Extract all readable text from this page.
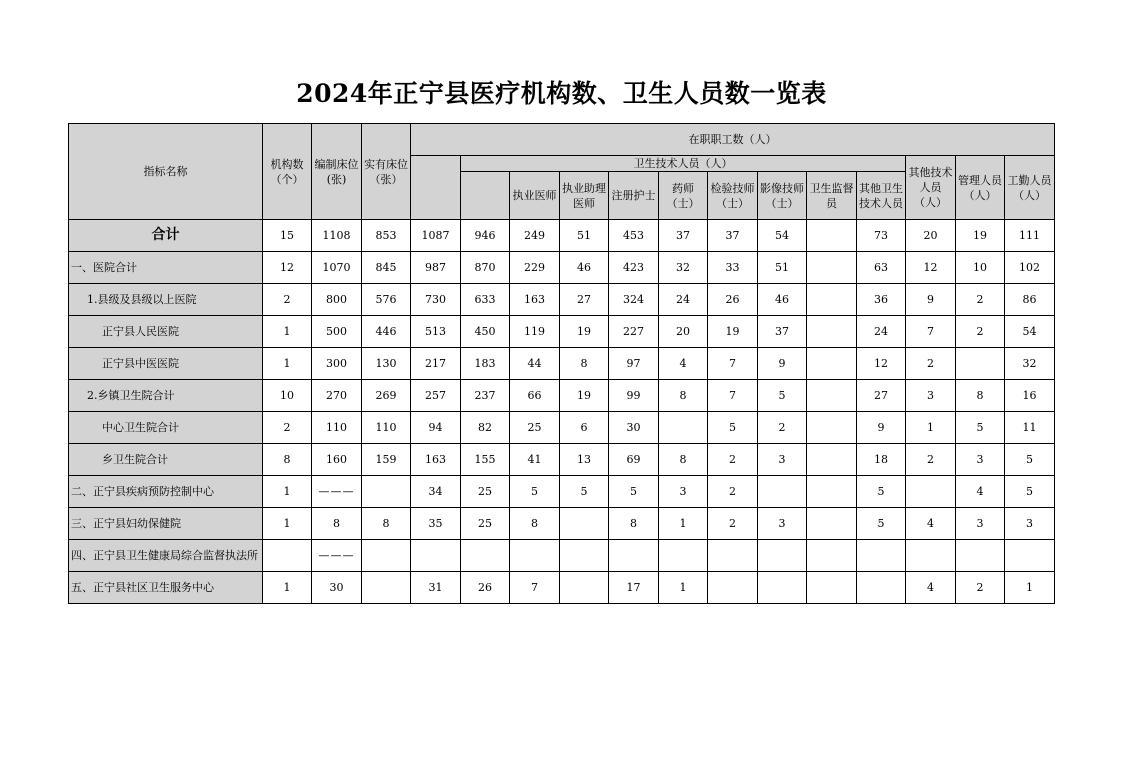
2024年正宁县医疗机构数、卫生人员数一览表
指标名称	机构数（个）	编制床位(张)	实有床位（张）	在职职工数（人）												
					卫生技术人员（人）									其他技术人员（人）	管理人员（人）	工勤人员（人）
						执业医师	执业助理医师	注册护士	药师（士）	检验技师（士）	影像技师（士）	卫生监督员	其他卫生技术人员			
合计	15	1108	853	1087	946	249	51	453	37	37	54		73	20	19	111
一、医院合计	12	1070	845	987	870	229	46	423	32	33	51		63	12	10	102
1.县级及县级以上医院	2	800	576	730	633	163	27	324	24	26	46		36	9	2	86
正宁县人民医院	1	500	446	513	450	119	19	227	20	19	37		24	7	2	54
正宁县中医医院	1	300	130	217	183	44	8	97	4	7	9		12	2		32
2.乡镇卫生院合计	10	270	269	257	237	66	19	99	8	7	5		27	3	8	16
中心卫生院合计	2	110	110	94	82	25	6	30		5	2		9	1	5	11
乡卫生院合计	8	160	159	163	155	41	13	69	8	2	3		18	2	3	5
二、正宁县疾病预防控制中心	1	———		34	25	5	5	5	3	2			5		4	5
三、正宁县妇幼保健院	1	8	8	35	25	8		8	1	2	3		5	4	3	3
四、正宁县卫生健康局综合监督执法所		———														
五、正宁县社区卫生服务中心	1	30		31	26	7		17	1					4	2	1
